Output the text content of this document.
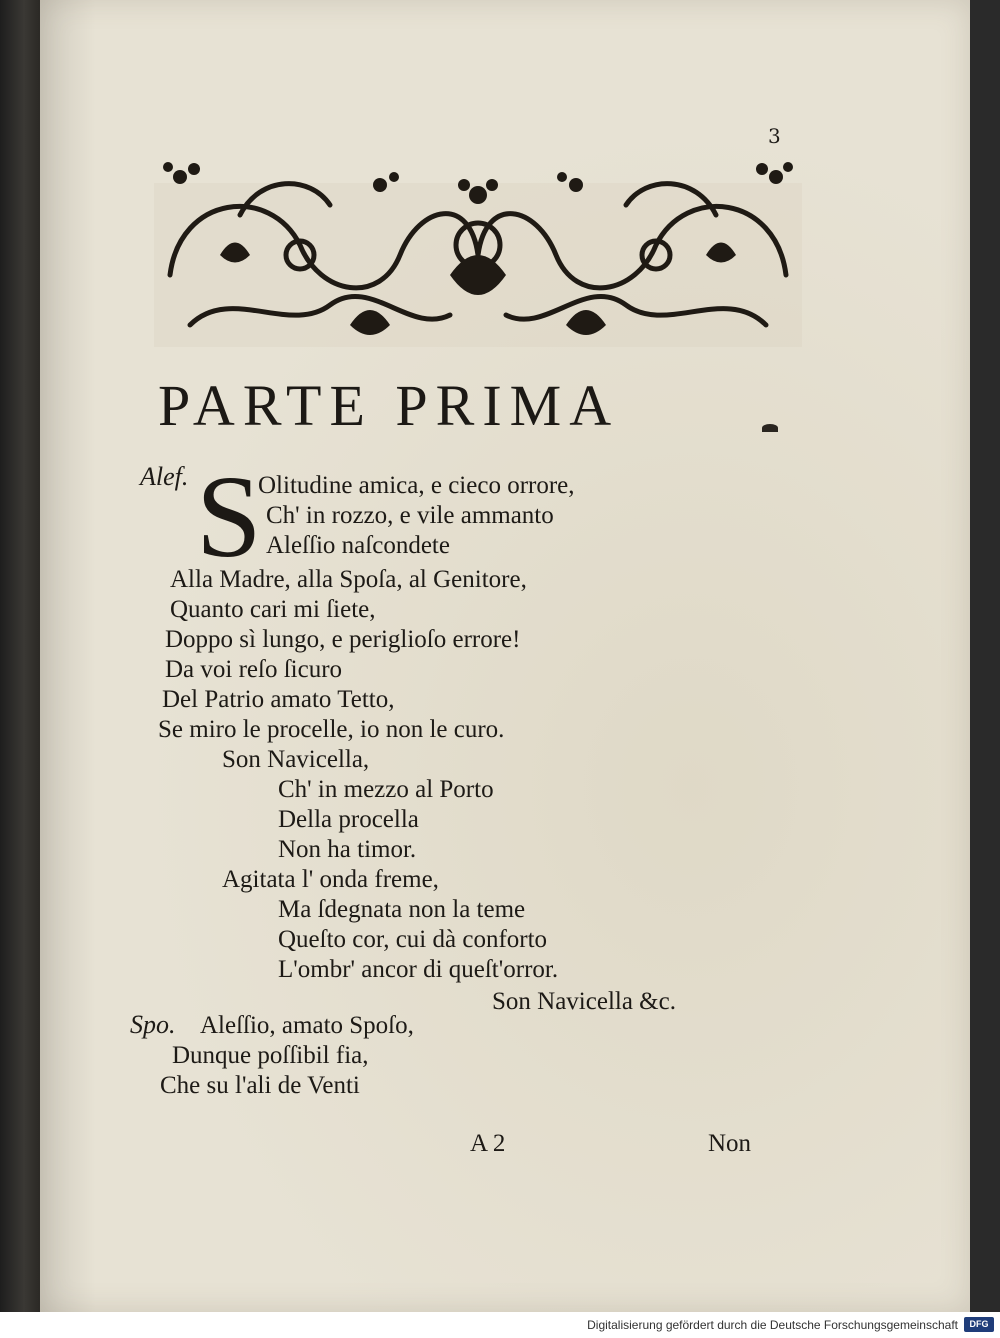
3
PARTE PRIMA
Alef. S
Olitudine amica, e cieco orrore,
Ch' in rozzo, e vile ammanto
Aleſſio naſcondete
Alla Madre, alla Spoſa, al Genitore,
Quanto cari mi ſiete,
Doppo sì lungo, e perіglioſo errore!
Da voi reſo ſicuro
Del Patrio amato Tetto,
Se miro le procelle, io non le curo.
Son Navicella,
Ch' in mezzo al Porto
Della procella
Non ha timor.
Agitata l' onda freme,
Ma ſdegnata non la teme
Queſto cor, cui dà conforto
L'ombr' ancor di queſt'orror.
Son Navicella &c.
Spo. Aleſſio, amato Spoſo,
Dunque poſſibil fia,
Che su l'ali de Venti
A 2	Non
Digitalisierung gefördert durch die Deutsche Forschungsgemeinschaft	DFG
